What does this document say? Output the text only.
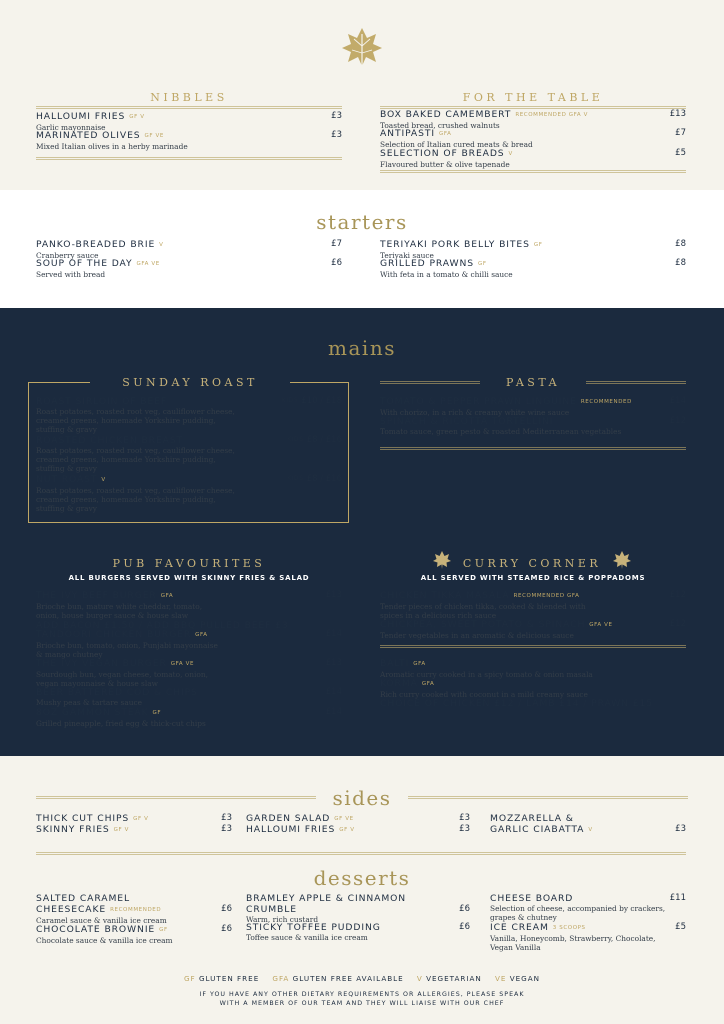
NIBBLES
HALLOUMI FRIES GF V
Garlic mayonnaise
£3
MARINATED OLIVES GF VE
Mixed Italian olives in a herby marinade
£3
FOR THE TABLE
BOX BAKED CAMEMBERT RECOMMENDED GFA V
Toasted bread, crushed walnuts
£13
ANTIPASTI GFA
Selection of Italian cured meats & bread
£7
SELECTION OF BREADS V
Flavoured butter & olive tapenade
£5
starters
PANKO-BREADED BRIE V
Cranberry sauce
£7
SOUP OF THE DAY GFA VE
Served with bread
£6
TERIYAKI PORK BELLY BITES GF
Teriyaki sauce
£8
GRILLED PRAWNS GF
With feta in a tomato & chilli sauce
£8
mains
SUNDAY ROAST
ROAST SIRLOIN OF BEEF
Roast potatoes, roasted root veg, cauliflower cheese,
creamed greens, homemade Yorkshire pudding,
stuffing & gravy
KIDS £10 / £18
ROASTED CHICKEN BREAST
Roast potatoes, roasted root veg, cauliflower cheese,
creamed greens, homemade Yorkshire pudding,
stuffing & gravy
KIDS £8 / £16
NUT ROAST V
Roast potatoes, roasted root veg, cauliflower cheese,
creamed greens, homemade Yorkshire pudding,
stuffing & gravy
KIDS £8 / £16
PASTA
TOMATO & PEPPER PRAWN LINGUINE RECOMMENDED
With chorizo, in a rich & creamy white wine sauce
£14
SPINACH & RICOTTA TORTELLINI
Tomato sauce, green pesto & roasted Mediterranean vegetables
£12
PUB FAVOURITES
ALL BURGERS SERVED WITH SKINNY FRIES & SALAD
THE IVY BEEF BURGER GFA
Brioche bun, mature white cheddar, tomato,
onion, house burger sauce & house slaw
ADD BACON £1.50 / ADD BBQ PULLED BEEF £3
£13
TANDOORI CHICKEN BURGER GFA
Brioche bun, tomato, onion, Punjabi mayonnaise
& mango chutney
£14
THE IVY VEGAN BURGER GFA VE
Sourdough bun, vegan cheese, tomato, onion,
vegan mayonnaise & house slaw
£13
BEER BATTERED COD & CHIPS
Mushy peas & tartare sauce
£14
8OZ GAMMON STEAK GF
Grilled pineapple, fried egg & thick-cut chips
£14
CURRY CORNER
ALL SERVED WITH STEAMED RICE & POPPADOMS
CHICKEN TIKKA MASALA RECOMMENDED GFA
Tender pieces of chicken tikka, cooked & blended with
spices in a delicious rich sauce
£12
CHICKPEA, SWEET POTATO & SPINACH GFA VE
Tender vegetables in an aromatic & delicious sauce
£12
BALTI GFA
Aromatic curry cooked in a spicy tomato & onion masala
KORMA GFA
Rich curry cooked with coconut in a mild creamy sauce
CHOICE OF CHICKEN £12 / LAMB £14 / PRAWN £15
sides
THICK CUT CHIPS GF V	£3
SKINNY FRIES GF V	£3
GARDEN SALAD GF VE	£3
HALLOUMI FRIES GF V	£3
MOZZARELLA &
GARLIC CIABATTA V	£3
desserts
SALTED CARAMEL
CHEESECAKE RECOMMENDED
Caramel sauce & vanilla ice cream
£6
CHOCOLATE BROWNIE GF
Chocolate sauce & vanilla ice cream
£6
BRAMLEY APPLE & CINNAMON
CRUMBLE
Warm, rich custard
£6
STICKY TOFFEE PUDDING
Toffee sauce & vanilla ice cream
£6
CHEESE BOARD
Selection of cheese, accompanied by crackers,
grapes & chutney
£11
ICE CREAM 3 SCOOPS
Vanilla, Honeycomb, Strawberry, Chocolate,
Vegan Vanilla
£5
GF GLUTEN FREE GFA GLUTEN FREE AVAILABLE V VEGETARIAN VE VEGAN
IF YOU HAVE ANY OTHER DIETARY REQUIREMENTS OR ALLERGIES, PLEASE SPEAK
WITH A MEMBER OF OUR TEAM AND THEY WILL LIAISE WITH OUR CHEF
